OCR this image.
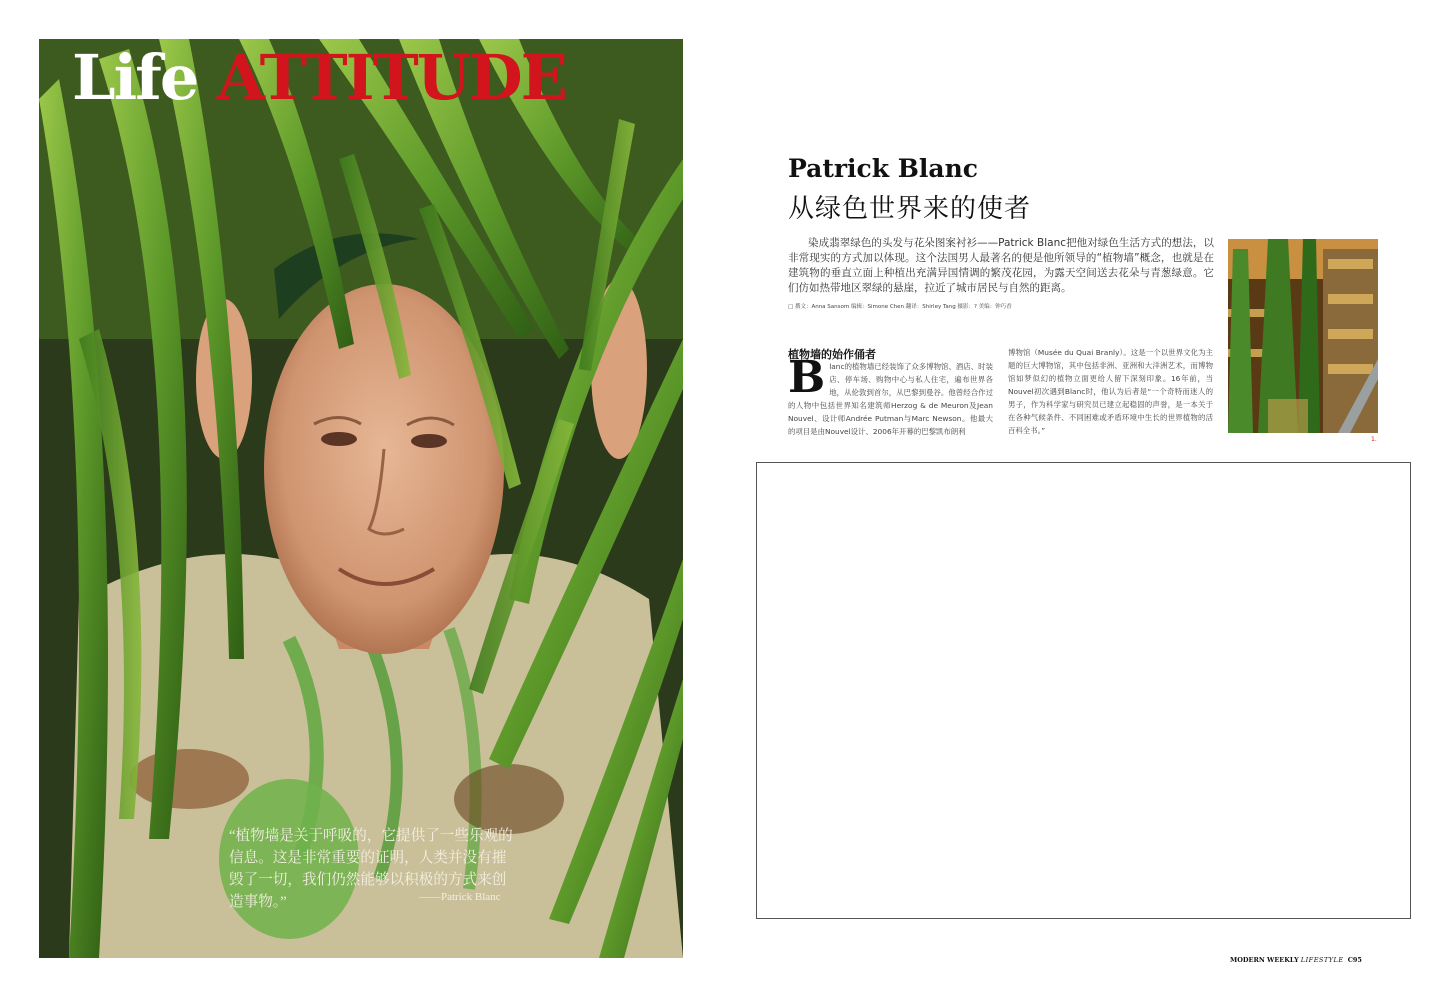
Life ATTITUDE
“植物墙是关于呼吸的，它提供了一些乐观的信息。这是非常重要的证明，人类并没有摧毁了一切，我们仍然能够以积极的方式来创造事物。”	——Patrick Blanc
Patrick Blanc
从绿色世界来的使者
染成翡翠绿色的头发与花朵图案衬衫——Patrick Blanc把他对绿色生活方式的想法，以非常现实的方式加以体现。这个法国男人最著名的便是他所领导的“植物墙”概念，也就是在建筑物的垂直立面上种植出充满异国情调的繁茂花园，为露天空间送去花朵与青葱绿意。它们仿如热带地区翠绿的悬崖，拉近了城市居民与自然的距离。
□ 撰文：Anna Sansom 编辑：Simone Chen 翻译：Shirley Tang 摄影：? 美编：钟巧香
植物墙的始作俑者
B lanc的植物墙已经装饰了众多博物馆、酒店、时装店、停车场、购物中心与私人住宅，遍布世界各地，从伦敦到首尔，从巴黎到曼谷。他曾经合作过的人物中包括世界知名建筑师Herzog & de Meuron及Jean Nouvel、设计师Andrée Putman与Marc Newson。他最大的项目是由Nouvel设计、2006年开幕的巴黎凯布朗利
博物馆（Musée du Quai Branly）。这是一个以世界文化为主题的巨大博物馆，其中包括非洲、亚洲和大洋洲艺术，而博物馆如梦似幻的植物立面更给人留下深刻印象。16年前，当Nouvel初次遇到Blanc时，他认为后者是“一个奇特而迷人的男子，作为科学家与研究员已建立起稳固的声誉，是一本关于在各种气候条件、不同困难或矛盾环境中生长的世界植物的活百科全书。”
1.
MODERN WEEKLY LIFESTYLE C95
